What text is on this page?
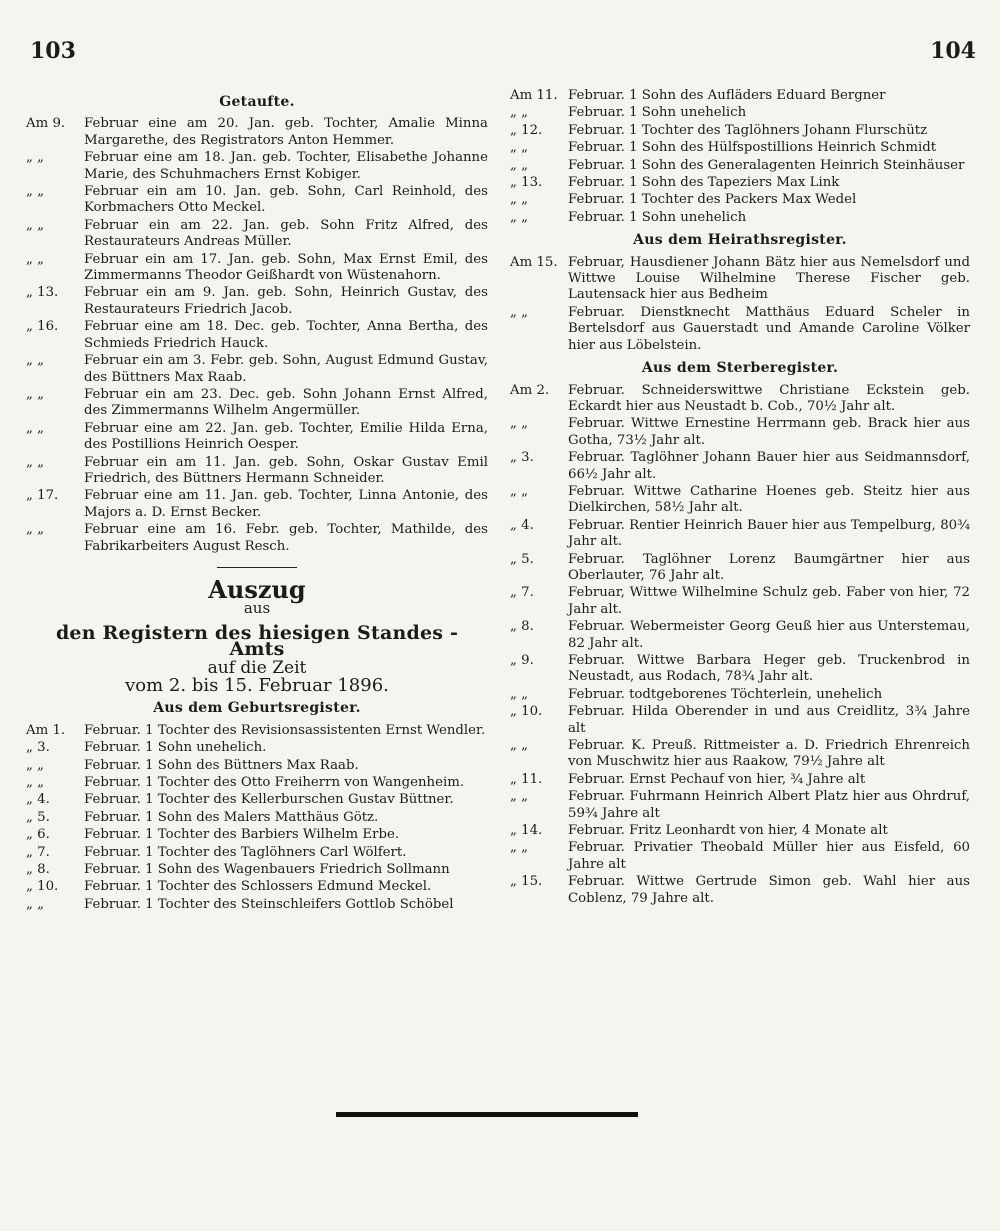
103	104
Getaufte.
Am 9.	Februar eine am 20. Jan. geb. Tochter, Amalie Minna Margarethe, des Registrators Anton Hemmer.
„ „	Februar eine am 18. Jan. geb. Tochter, Elisabethe Johanne Marie, des Schuhmachers Ernst Kobiger.
„ „	Februar ein am 10. Jan. geb. Sohn, Carl Reinhold, des Korbmachers Otto Meckel.
„ „	Februar ein am 22. Jan. geb. Sohn Fritz Alfred, des Restaurateurs Andreas Müller.
„ „	Februar ein am 17. Jan. geb. Sohn, Max Ernst Emil, des Zimmermanns Theodor Geißhardt von Wüstenahorn.
„ 13.	Februar ein am 9. Jan. geb. Sohn, Heinrich Gustav, des Restaurateurs Friedrich Jacob.
„ 16.	Februar eine am 18. Dec. geb. Tochter, Anna Bertha, des Schmieds Friedrich Hauck.
„ „	Februar ein am 3. Febr. geb. Sohn, August Edmund Gustav, des Büttners Max Raab.
„ „	Februar ein am 23. Dec. geb. Sohn Johann Ernst Alfred, des Zimmermanns Wilhelm Angermüller.
„ „	Februar eine am 22. Jan. geb. Tochter, Emilie Hilda Erna, des Postillions Heinrich Oesper.
„ „	Februar ein am 11. Jan. geb. Sohn, Oskar Gustav Emil Friedrich, des Büttners Hermann Schneider.
„ 17.	Februar eine am 11. Jan. geb. Tochter, Linna Antonie, des Majors a. D. Ernst Becker.
„ „	Februar eine am 16. Febr. geb. Tochter, Mathilde, des Fabrikarbeiters August Resch.
Auszug
aus
den Registern des hiesigen Standes - Amts
auf die Zeit
vom 2. bis 15. Februar 1896.
Aus dem Geburtsregister.
Am 1.	Februar. 1 Tochter des Revisionsassistenten Ernst Wendler.
„ 3.	Februar. 1 Sohn unehelich.
„ „	Februar. 1 Sohn des Büttners Max Raab.
„ „	Februar. 1 Tochter des Otto Freiherrn von Wangenheim.
„ 4.	Februar. 1 Tochter des Kellerburschen Gustav Büttner.
„ 5.	Februar. 1 Sohn des Malers Matthäus Götz.
„ 6.	Februar. 1 Tochter des Barbiers Wilhelm Erbe.
„ 7.	Februar. 1 Tochter des Taglöhners Carl Wölfert.
„ 8.	Februar. 1 Sohn des Wagenbauers Friedrich Sollmann
„ 10.	Februar. 1 Tochter des Schlossers Edmund Meckel.
„ „	Februar. 1 Tochter des Steinschleifers Gottlob Schöbel
Am 11. Februar. 1 Sohn des Aufläders Eduard Bergner
„ „	Februar. 1 Sohn unehelich
„ 12.	Februar. 1 Tochter des Taglöhners Johann Flurschütz
„ „	Februar. 1 Sohn des Hülfspostillions Heinrich Schmidt
„ „	Februar. 1 Sohn des Generalagenten Heinrich Steinhäuser
„ 13.	Februar. 1 Sohn des Tapeziers Max Link
„ „	Februar. 1 Tochter des Packers Max Wedel
„ „	Februar. 1 Sohn unehelich
Aus dem Heirathsregister.
Am 15. Februar, Hausdiener Johann Bätz hier aus Nemelsdorf und Wittwe Louise Wilhelmine Therese Fischer geb. Lautensack hier aus Bedheim
„ „	Februar. Dienstknecht Matthäus Eduard Scheler in Bertelsdorf aus Gauerstadt und Amande Caroline Völker hier aus Löbelstein.
Aus dem Sterberegister.
Am 2.	Februar. Schneiderswittwe Christiane Eckstein geb. Eckardt hier aus Neustadt b. Cob., 70½ Jahr alt.
„ „	Februar. Wittwe Ernestine Herrmann geb. Brack hier aus Gotha, 73½ Jahr alt.
„ 3.	Februar. Taglöhner Johann Bauer hier aus Seidmannsdorf, 66½ Jahr alt.
„ „	Februar. Wittwe Catharine Hoenes geb. Steitz hier aus Dielkirchen, 58½ Jahr alt.
„ 4.	Februar. Rentier Heinrich Bauer hier aus Tempelburg, 80¾ Jahr alt.
„ 5.	Februar. Taglöhner Lorenz Baumgärtner hier aus Oberlauter, 76 Jahr alt.
„ 7.	Februar, Wittwe Wilhelmine Schulz geb. Faber von hier, 72 Jahr alt.
„ 8.	Februar. Webermeister Georg Geuß hier aus Unterstemau, 82 Jahr alt.
„ 9.	Februar. Wittwe Barbara Heger geb. Truckenbrod in Neustadt, aus Rodach, 78¾ Jahr alt.
„ „	Februar. todtgeborenes Töchterlein, unehelich
„ 10.	Februar. Hilda Oberender in und aus Creidlitz, 3¾ Jahre alt
„ „	Februar. K. Preuß. Rittmeister a. D. Friedrich Ehrenreich von Muschwitz hier aus Raakow, 79½ Jahre alt
„ 11.	Februar. Ernst Pechauf von hier, ¾ Jahre alt
„ „	Februar. Fuhrmann Heinrich Albert Platz hier aus Ohrdruf, 59¾ Jahre alt
„ 14.	Februar. Fritz Leonhardt von hier, 4 Monate alt
„ „	Februar. Privatier Theobald Müller hier aus Eisfeld, 60 Jahre alt
„ 15.	Februar. Wittwe Gertrude Simon geb. Wahl hier aus Coblenz, 79 Jahre alt.
